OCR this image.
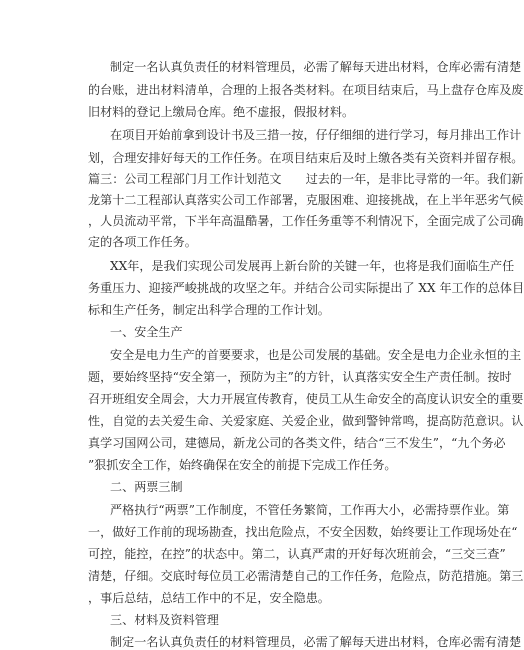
制定一名认真负责任的材料管理员，必需了解每天进出材料，仓库必需有清楚
的台账，进出材料清单，合理的上报各类材料。在项目结束后，马上盘存仓库及废
旧材料的登记上缴局仓库。绝不虚报，假报材料。
在项目开始前拿到设计书及三措一按，仔仔细细的进行学习，每月排出工作计
划，合理安排好每天的工作任务。在项目结束后及时上缴各类有关资料并留存根。
篇三：公司工程部门月工作计划范文　　过去的一年，是非比寻常的一年。我们新
龙第十二工程部认真落实公司工作部署，克服困难、迎接挑战，在上半年恶劣气候
，人员流动平常，下半年高温酷暑，工作任务重等不利情况下，全面完成了公司确
定的各项工作任务。
XX年，是我们实现公司发展再上新台阶的关键一年，也将是我们面临生产任
务重压力、迎接严峻挑战的攻坚之年。并结合公司实际提出了 XX 年工作的总体目
标和生产任务，制定出科学合理的工作计划。
一、安全生产
安全是电力生产的首要要求，也是公司发展的基础。安全是电力企业永恒的主
题，要始终坚持“安全第一，预防为主”的方针，认真落实安全生产责任制。按时
召开班组安全周会，大力开展宣传教育，使员工从生命安全的高度认识安全的重要
性，自觉的去关爱生命、关爱家庭、关爱企业，做到警钟常鸣，提高防范意识。认
真学习国网公司，建德局，新龙公司的各类文件，结合“三不发生”，“九个务必
”狠抓安全工作，始终确保在安全的前提下完成工作任务。
二、两票三制
严格执行“两票”工作制度，不管任务繁简，工作再大小，必需持票作业。第
一，做好工作前的现场勘查，找出危险点，不安全因数，始终要让工作现场处在“
可控，能控，在控”的状态中。第二，认真严肃的开好每次班前会，“三交三查”
清楚，仔细。交底时每位员工必需清楚自己的工作任务，危险点，防范措施。第三
，事后总结，总结工作中的不足，安全隐患。
三、材料及资料管理
制定一名认真负责任的材料管理员，必需了解每天进出材料，仓库必需有清楚
